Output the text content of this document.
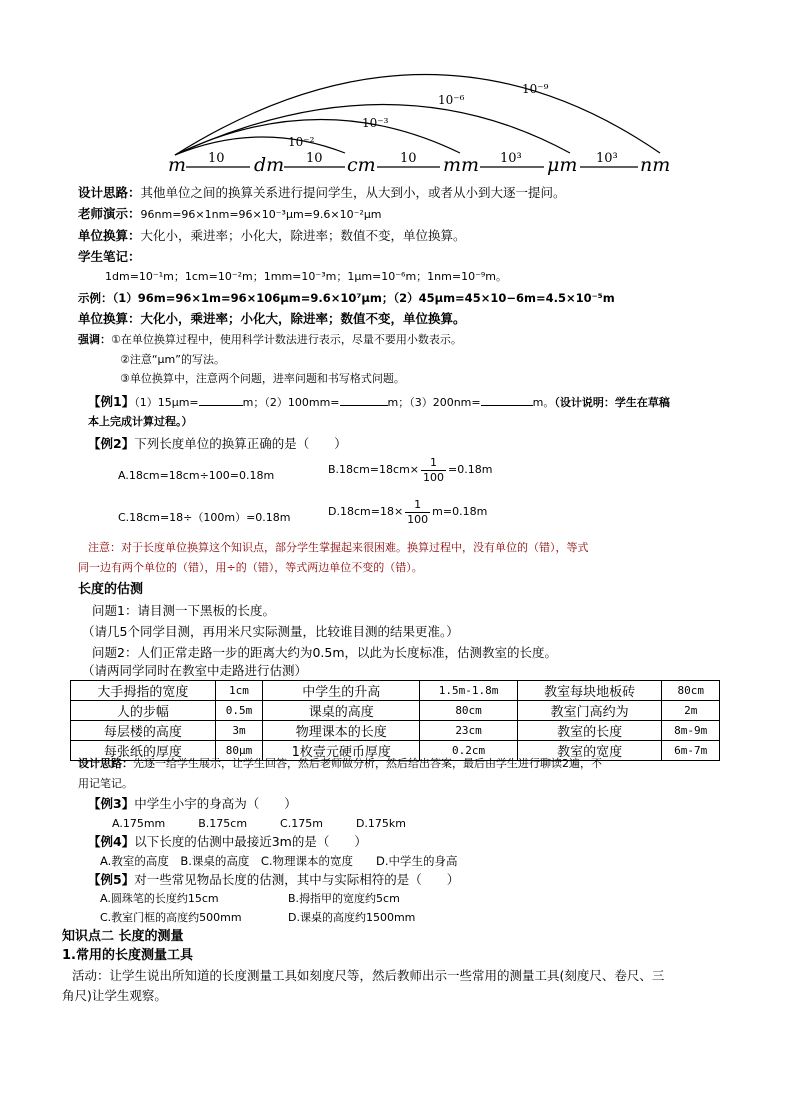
10⁻²
10⁻³
10⁻⁶
10⁻⁹
m	dm	cm	mm	μm	nm
10	10	10	10³	10³
设计思路：其他单位之间的换算关系进行提问学生，从大到小，或者从小到大逐一提问。
老师演示：96nm=96×1nm=96×10⁻³μm=9.6×10⁻²μm
单位换算：大化小，乘进率；小化大，除进率；数值不变，单位换算。
学生笔记：
1dm=10⁻¹m；1cm=10⁻²m；1mm=10⁻³m；1μm=10⁻⁶m；1nm=10⁻⁹m。
示例：（1）96m=96×1m=96×106μm=9.6×10⁷μm；（2）45μm=45×10−6m=4.5×10⁻⁵m
单位换算：大化小，乘进率；小化大，除进率；数值不变，单位换算。
强调：①在单位换算过程中，使用科学计数法进行表示，尽量不要用小数表示。
②注意“μm”的写法。
③单位换算中，注意两个问题，进率问题和书写格式问题。
【例1】（1）15μm=	m；（2）100mm=	m；（3）200nm=	m。（设计说明：学生在草稿
本上完成计算过程。）
【例2】下列长度单位的换算正确的是（　　）
A.18cm=18cm÷100=0.18m	$B.18cm=18cm\times \frac{1}{100} =0.18m$
C.18cm=18÷（100m）=0.18m	$D.18cm=18\times \frac{1}{100} m=0.18m$
注意：对于长度单位换算这个知识点，部分学生掌握起来很困难。换算过程中，没有单位的（错），等式
同一边有两个单位的（错），用÷的（错），等式两边单位不变的（错）。
长度的估测
问题1：请目测一下黑板的长度。
（请几5个同学目测，再用米尺实际测量，比较谁目测的结果更准。）
问题2：人们正常走路一步的距离大约为0.5m，以此为长度标准，估测教室的长度。
（请两同学同时在教室中走路进行估测）
大手拇指的宽度	1cm	中学生的升高	1.5m-1.8m	教室每块地板砖	80cm
人的步幅	0.5m	课桌的高度	80cm	教室门高约为	2m
每层楼的高度	3m	物理课本的长度	23cm	教室的长度	8m-9m
每张纸的厚度	80μm	1枚壹元硬币厚度	0.2cm	教室的宽度	6m-7m
设计思路：先逐一给学生展示，让学生回答，然后老师做分析，然后给出答案，最后由学生进行聊读2遍，不
用记笔记。
【例3】中学生小宇的身高为（　　）
A.175mm　　　B.175cm　　　C.175m　　　D.175km
【例4】以下长度的估测中最接近3m的是（　　）
A.教室的高度　B.课桌的高度　C.物理课本的宽度　　D.中学生的身高
【例5】对一些常见物品长度的估测，其中与实际相符的是（　　）
A.圆珠笔的长度约15cm	B.拇指甲的宽度约5cm
C.教室门框的高度约500mm	D.课桌的高度约1500mm
知识点二 长度的测量
1.常用的长度测量工具
活动：让学生说出所知道的长度测量工具如刻度尺等，然后教师出示一些常用的测量工具(刻度尺、卷尺、三
角尺)让学生观察。
